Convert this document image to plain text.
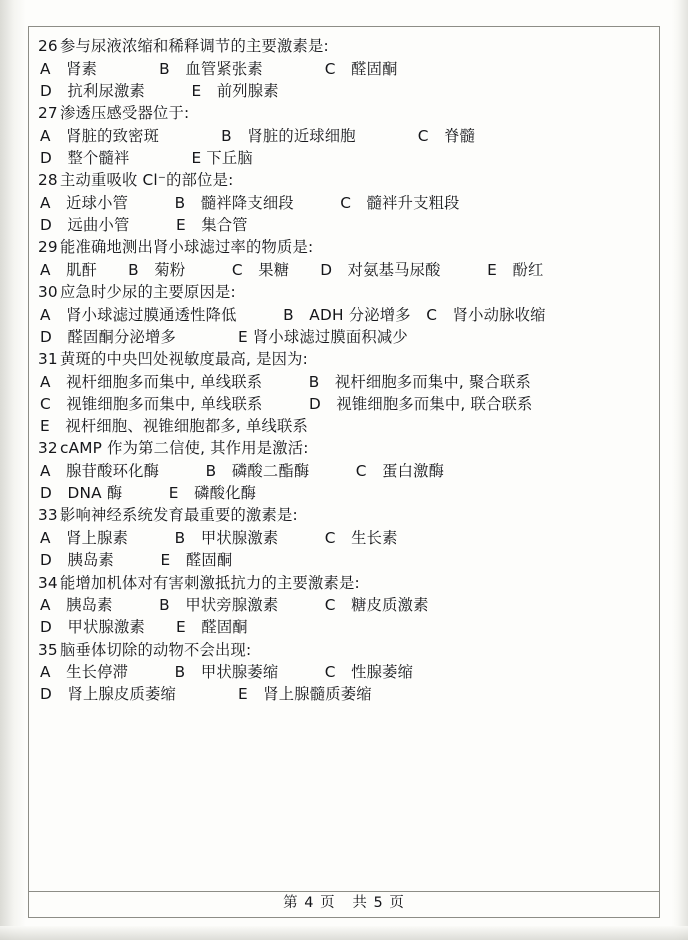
26 参与尿液浓缩和稀释调节的主要激素是:
A　肾素　　　　B　血管紧张素　　　　C　醛固酮
D　抗利尿激素　　　E　前列腺素
27 渗透压感受器位于:
A　肾脏的致密斑　　　　B　肾脏的近球细胞　　　　C　脊髓
D　整个髓袢　　　　E 下丘脑
28 主动重吸收 Cl⁻的部位是:
A　近球小管　　　B　髓袢降支细段　　　C　髓袢升支粗段
D　远曲小管　　　E　集合管
29 能准确地测出肾小球滤过率的物质是:
A　肌酐　　B　菊粉　　　C　果糖　　D　对氨基马尿酸　　　E　酚红
30 应急时少尿的主要原因是:
A　肾小球滤过膜通透性降低　　　B　ADH 分泌增多　C　肾小动脉收缩
D　醛固酮分泌增多　　　　E 肾小球滤过膜面积减少
31 黄斑的中央凹处视敏度最高, 是因为:
A　视杆细胞多而集中, 单线联系　　　B　视杆细胞多而集中, 聚合联系
C　视锥细胞多而集中, 单线联系　　　D　视锥细胞多而集中, 联合联系
E　视杆细胞、视锥细胞都多, 单线联系
32 cAMP 作为第二信使, 其作用是激活:
A　腺苷酸环化酶　　　B　磷酸二酯酶　　　C　蛋白激酶
D　DNA 酶　　　E　磷酸化酶
33 影响神经系统发育最重要的激素是:
A　肾上腺素　　　B　甲状腺激素　　　C　生长素
D　胰岛素　　　E　醛固酮
34 能增加机体对有害刺激抵抗力的主要激素是:
A　胰岛素　　　B　甲状旁腺激素　　　C　糖皮质激素
D　甲状腺激素　　E　醛固酮
35 脑垂体切除的动物不会出现:
A　生长停滞　　　B　甲状腺萎缩　　　C　性腺萎缩
D　肾上腺皮质萎缩　　　　E　肾上腺髓质萎缩
第 4 页   共 5 页
